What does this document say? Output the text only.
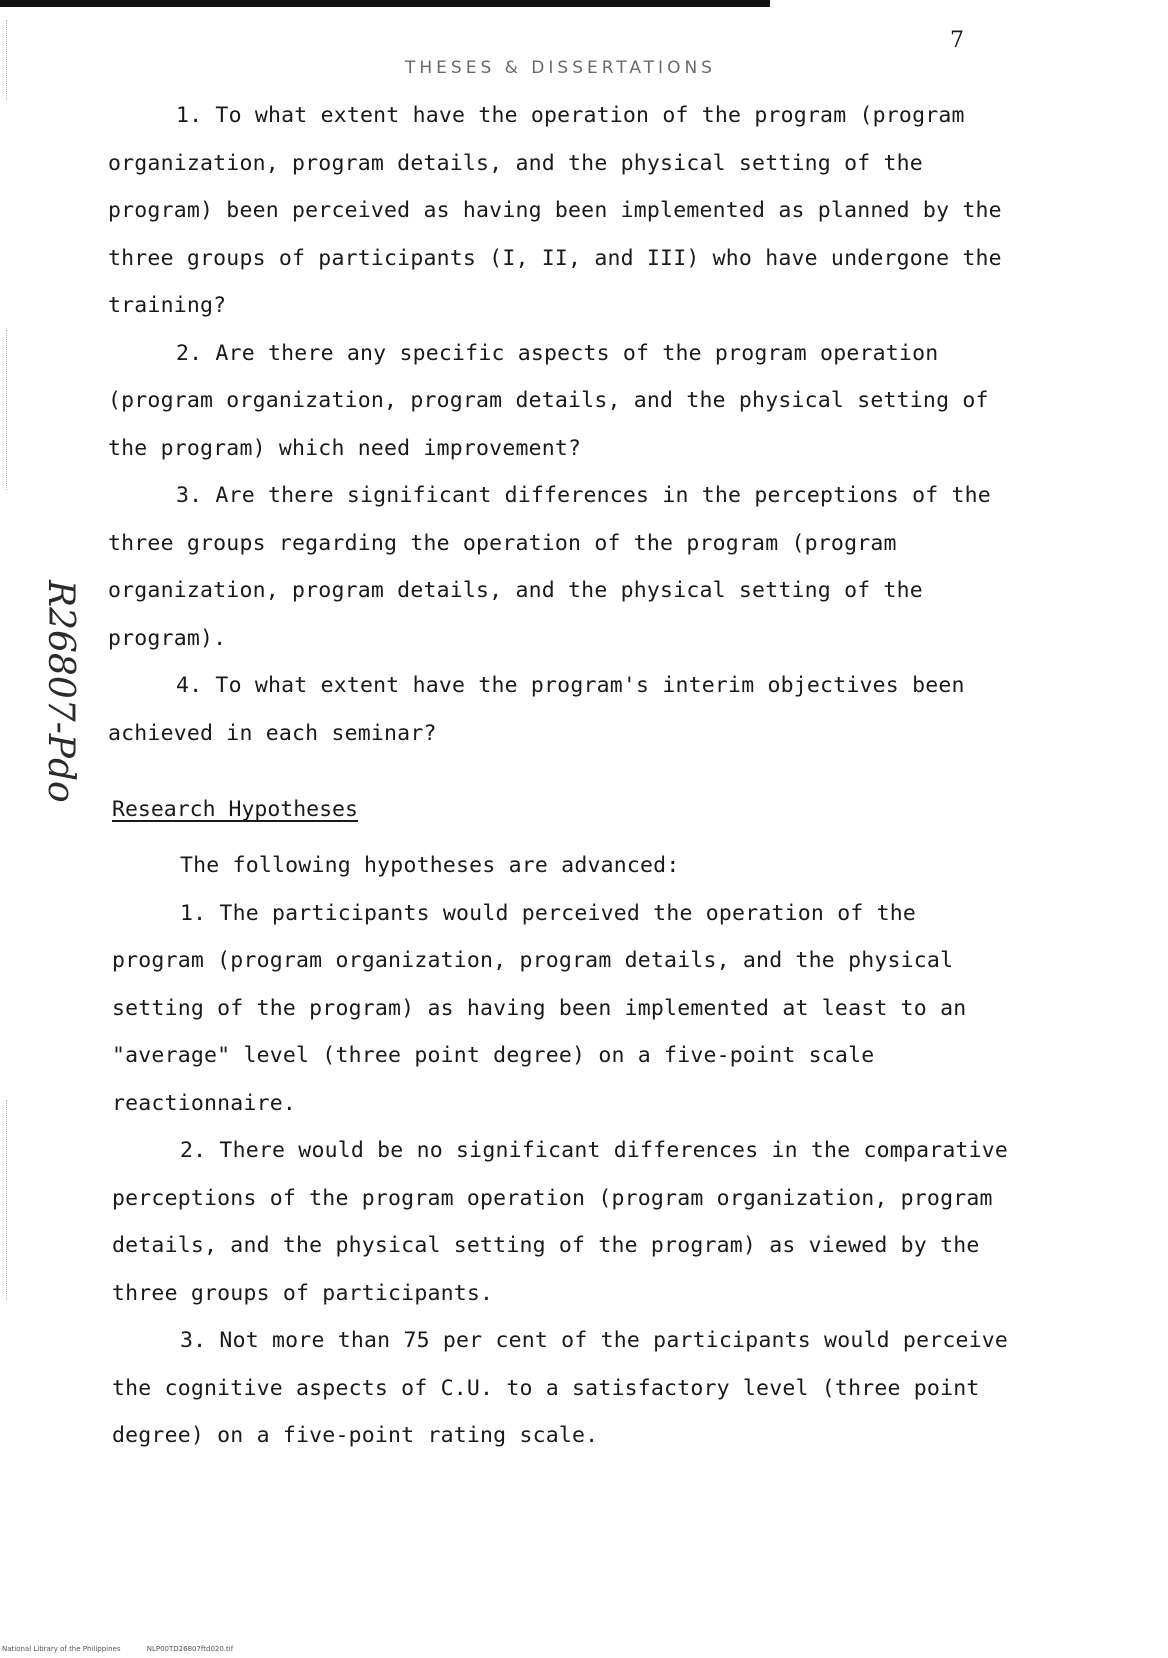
7
THESES & DISSERTATIONS
R26807-Pdo

1. To what extent have the operation of the program (program organization, program details, and the physical setting of the program) been perceived as having been implemented as planned by the three groups of participants (I, II, and III) who have undergone the training?

2. Are there any specific aspects of the program operation (program organization, program details, and the physical setting of the program) which need improvement?

3. Are there significant differences in the perceptions of the three groups regarding the operation of the program (program organization, program details, and the physical setting of the program).

4. To what extent have the program's interim objectives been achieved in each seminar?

Research Hypotheses

The following hypotheses are advanced:

1. The participants would perceived the operation of the program (program organization, program details, and the physical setting of the program) as having been implemented at least to an "average" level (three point degree) on a five-point scale reactionnaire.

2. There would be no significant differences in the comparative perceptions of the program operation (program organization, program details, and the physical setting of the program) as viewed by the three groups of participants.

3. Not more than 75 per cent of the participants would perceive the cognitive aspects of C.U. to a satisfactory level (three point degree) on a five-point rating scale.

National Library of the Philippines	NLP00TD26807ftd020.tif
